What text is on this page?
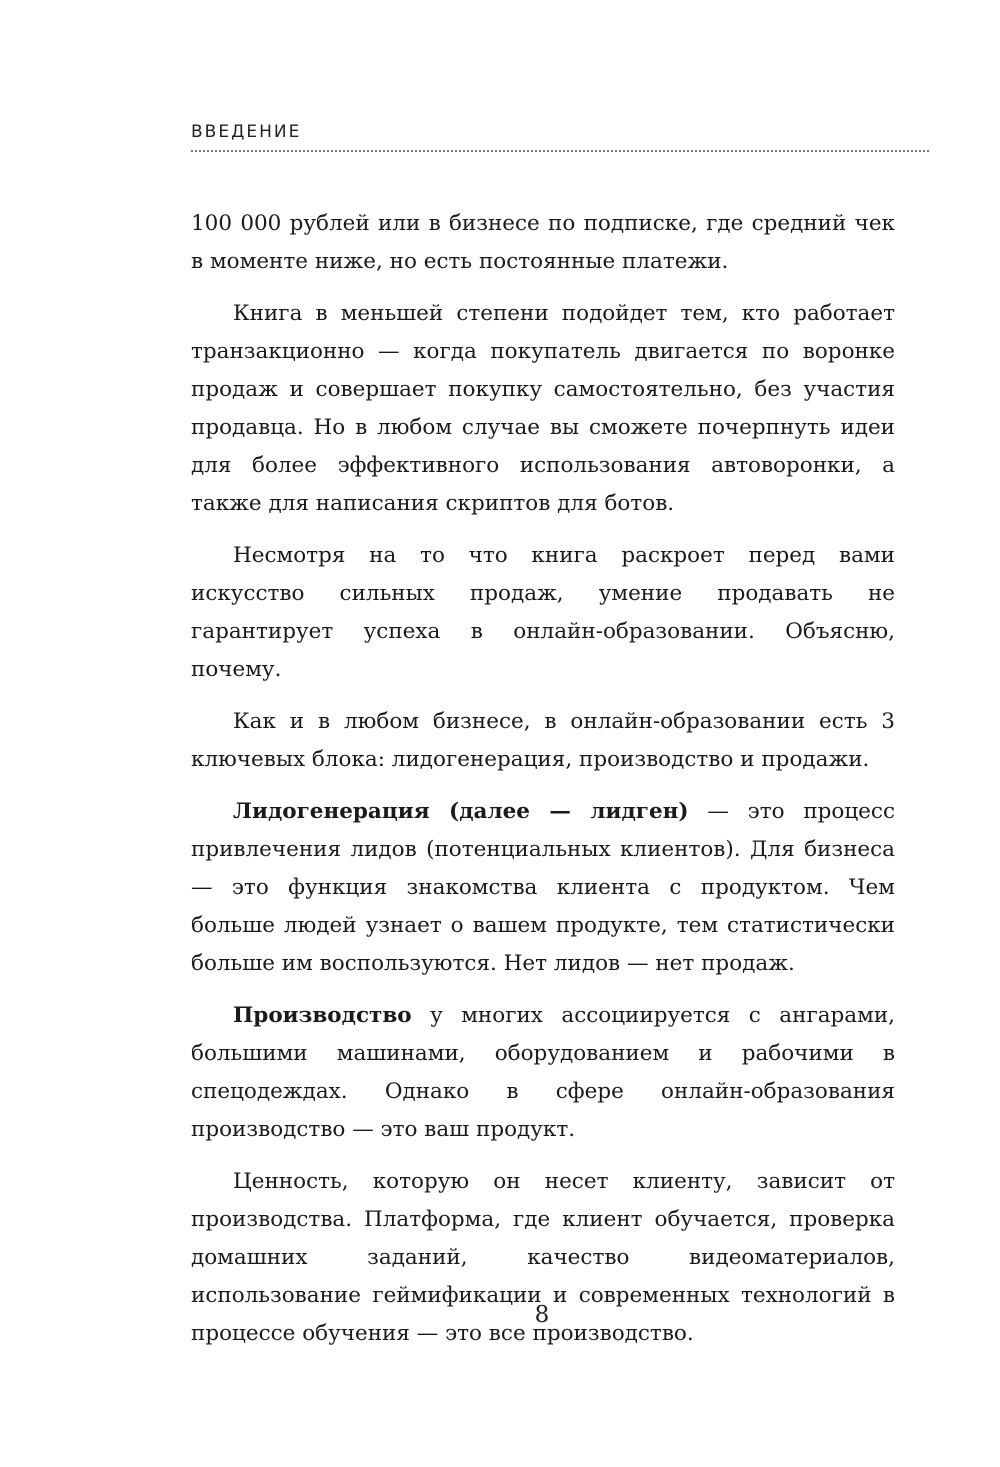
ВВЕДЕНИЕ

100 000 рублей или в бизнесе по подписке, где средний чек в моменте ниже, но есть постоянные платежи.

Книга в меньшей степени подойдет тем, кто работает транзакционно — когда покупатель двигается по воронке продаж и совершает покупку самостоятельно, без участия продавца. Но в любом случае вы сможете почерпнуть идеи для более эффективного использования автоворонки, а также для написания скриптов для ботов.

Несмотря на то что книга раскроет перед вами искусство сильных продаж, умение продавать не гарантирует успеха в онлайн-образовании. Объясню, почему.

Как и в любом бизнесе, в онлайн-образовании есть 3 ключевых блока: лидогенерация, производство и продажи.

Лидогенерация (далее — лидген) — это процесс привлечения лидов (потенциальных клиентов). Для бизнеса — это функция знакомства клиента с продуктом. Чем больше людей узнает о вашем продукте, тем статистически больше им воспользуются. Нет лидов — нет продаж.

Производство у многих ассоциируется с ангарами, большими машинами, оборудованием и рабочими в спецодеждах. Однако в сфере онлайн-образования производство — это ваш продукт.

Ценность, которую он несет клиенту, зависит от производства. Платформа, где клиент обучается, проверка домашних заданий, качество видеоматериалов, использование геймификации и современных технологий в процессе обучения — это все производство.

8
